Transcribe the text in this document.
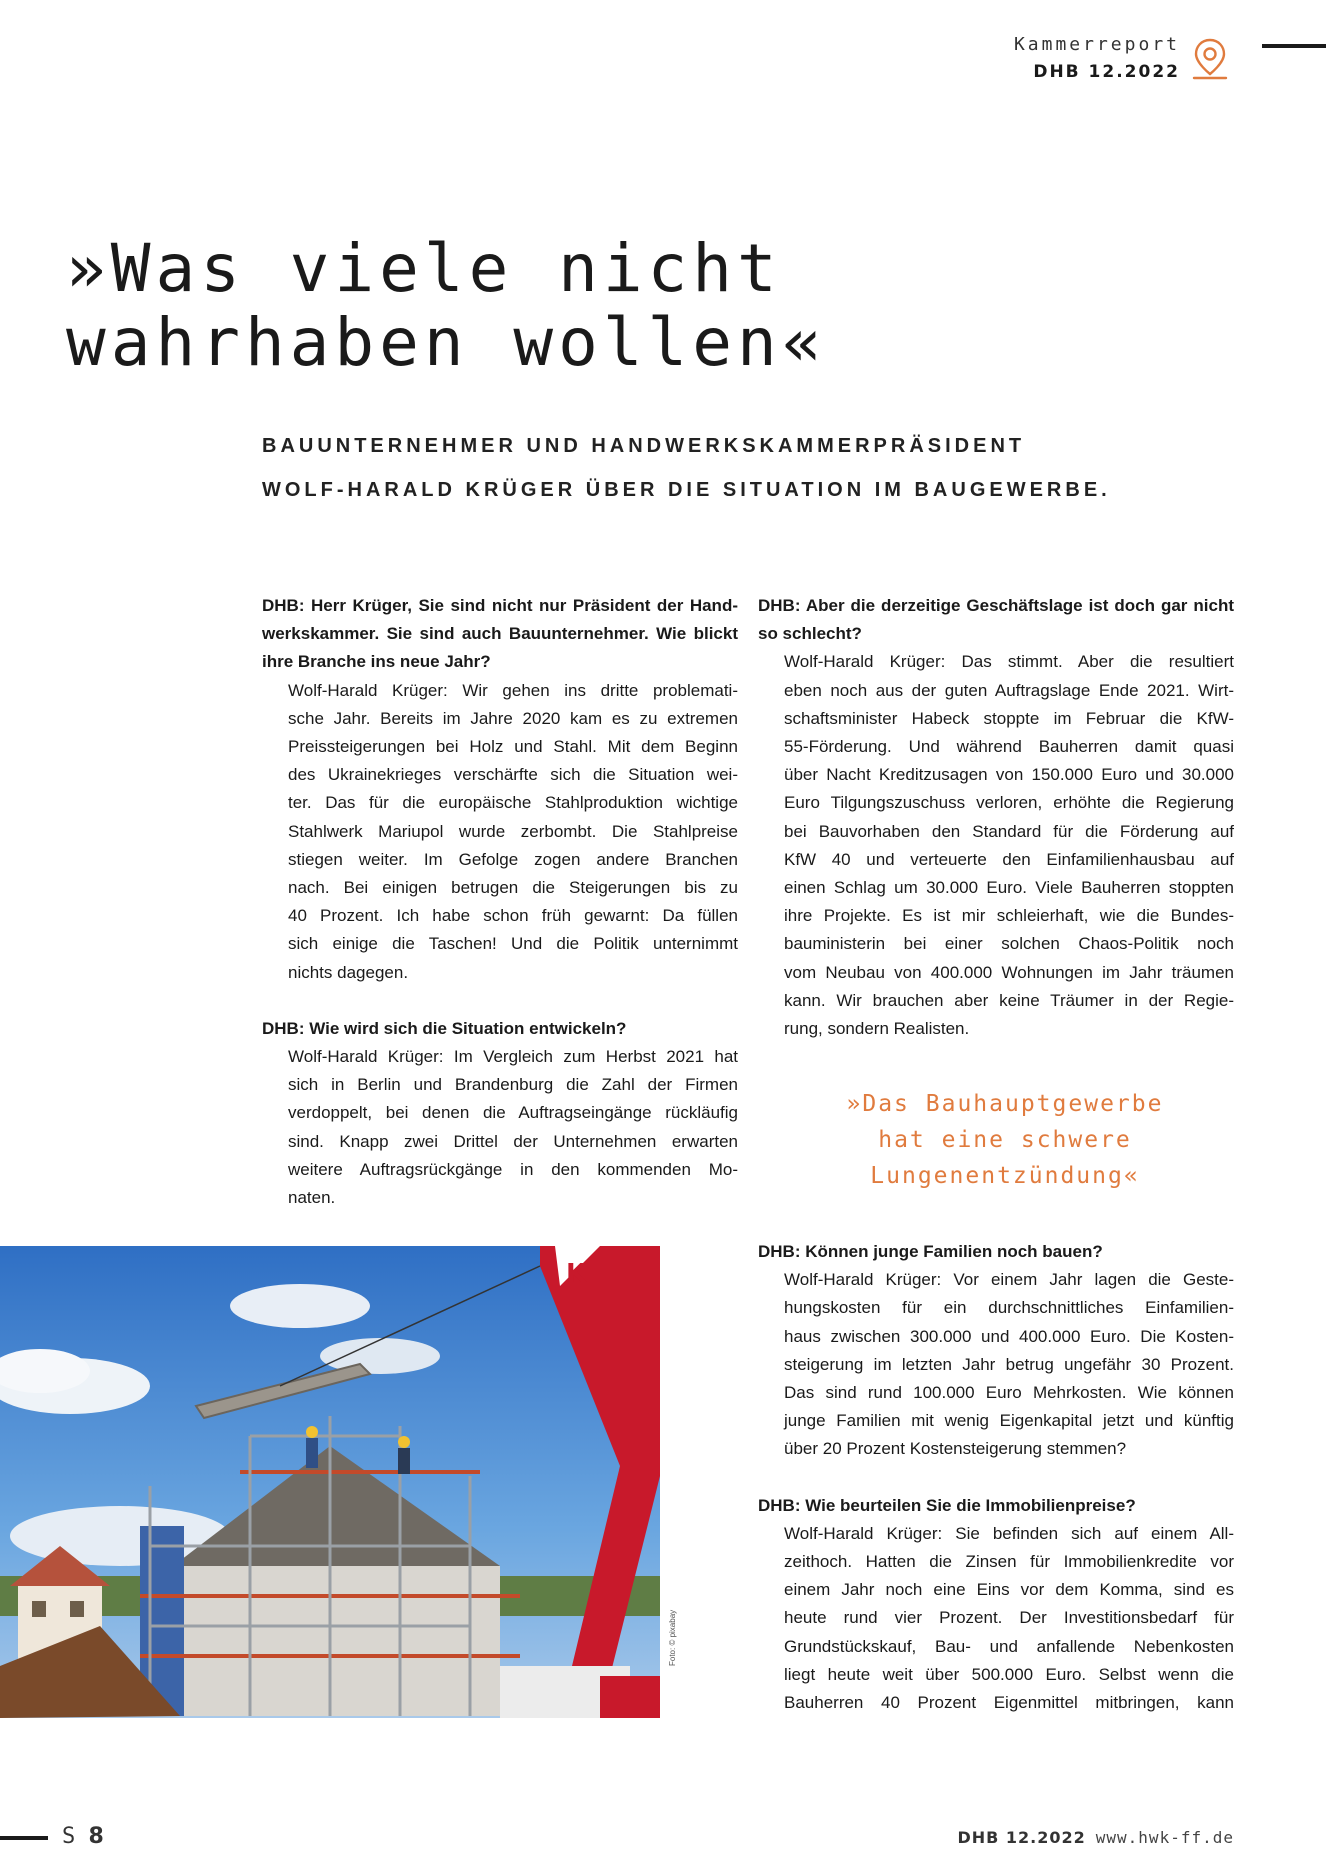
Kammerreport
DHB 12.2022
»Was viele nicht
wahrhaben wollen«
BAUUNTERNEHMER UND HANDWERKSKAMMERPRÄSIDENT
WOLF-HARALD KRÜGER ÜBER DIE SITUATION IM BAUGEWERBE.
DHB: Herr Krüger, Sie sind nicht nur Präsident der Hand-
werkskammer. Sie sind auch Bauunternehmer. Wie blickt
ihre Branche ins neue Jahr?
Wolf-Harald Krüger: Wir gehen ins dritte problemati-
sche Jahr. Bereits im Jahre 2020 kam es zu extremen
Preissteigerungen bei Holz und Stahl. Mit dem Beginn
des Ukrainekrieges verschärfte sich die Situation wei-
ter. Das für die europäische Stahlproduktion wichtige
Stahlwerk Mariupol wurde zerbombt. Die Stahlpreise
stiegen weiter. Im Gefolge zogen andere Branchen
nach. Bei einigen betrugen die Steigerungen bis zu
40 Prozent. Ich habe schon früh gewarnt: Da füllen
sich einige die Taschen! Und die Politik unternimmt
nichts dagegen.
DHB: Wie wird sich die Situation entwickeln?
Wolf-Harald Krüger: Im Vergleich zum Herbst 2021 hat
sich in Berlin und Brandenburg die Zahl der Firmen
verdoppelt, bei denen die Auftragseingänge rückläufig
sind. Knapp zwei Drittel der Unternehmen erwarten
weitere Auftragsrückgänge in den kommenden Mo-
naten.
DHB: Aber die derzeitige Geschäftslage ist doch gar nicht
so schlecht?
Wolf-Harald Krüger: Das stimmt. Aber die resultiert
eben noch aus der guten Auftragslage Ende 2021. Wirt-
schaftsminister Habeck stoppte im Februar die KfW-
55-Förderung. Und während Bauherren damit quasi
über Nacht Kreditzusagen von 150.000 Euro und 30.000
Euro Tilgungszuschuss verloren, erhöhte die Regierung
bei Bauvorhaben den Standard für die Förderung auf
KfW 40 und verteuerte den Einfamilienhausbau auf
einen Schlag um 30.000 Euro. Viele Bauherren stoppten
ihre Projekte. Es ist mir schleierhaft, wie die Bundes-
bauministerin bei einer solchen Chaos-Politik noch
vom Neubau von 400.000 Wohnungen im Jahr träumen
kann. Wir brauchen aber keine Träumer in der Regie-
rung, sondern Realisten.
DHB: Können junge Familien noch bauen?
Wolf-Harald Krüger: Vor einem Jahr lagen die Geste-
hungskosten für ein durchschnittliches Einfamilien-
haus zwischen 300.000 und 400.000 Euro. Die Kosten-
steigerung im letzten Jahr betrug ungefähr 30 Prozent.
Das sind rund 100.000 Euro Mehrkosten. Wie können
junge Familien mit wenig Eigenkapital jetzt und künftig
über 20 Prozent Kostensteigerung stemmen?
DHB: Wie beurteilen Sie die Immobilienpreise?
Wolf-Harald Krüger: Sie befinden sich auf einem All-
zeithoch. Hatten die Zinsen für Immobilienkredite vor
einem Jahr noch eine Eins vor dem Komma, sind es
heute rund vier Prozent. Der Investitionsbedarf für
Grundstückskauf, Bau- und anfallende Nebenkosten
liegt heute weit über 500.000 Euro. Selbst wenn die
Bauherren 40 Prozent Eigenmittel mitbringen, kann
»Das Bauhauptgewerbe
hat eine schwere
Lungenentzündung«
K
Foto: © pixabay
S 8	DHB 12.2022 www.hwk-ff.de
